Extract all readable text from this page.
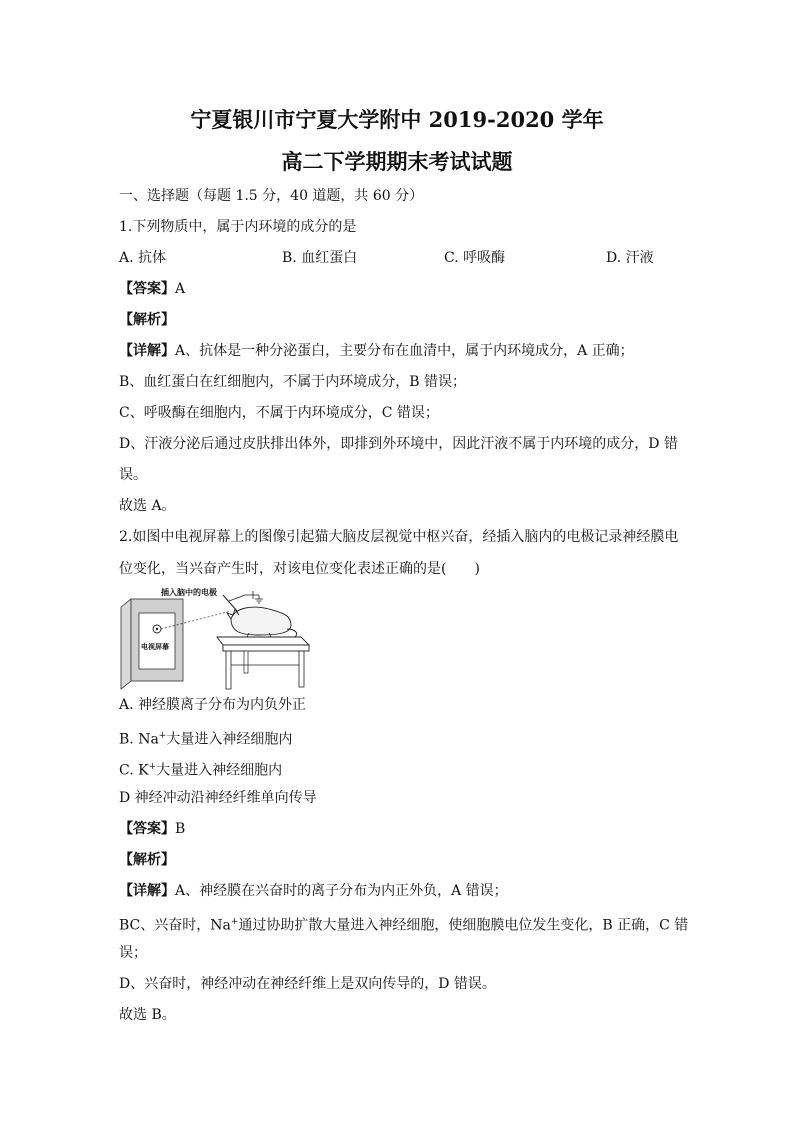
宁夏银川市宁夏大学附中 2019-2020 学年
高二下学期期末考试试题
一、选择题（每题 1.5 分，40 道题，共 60 分）
1.下列物质中，属于内环境的成分的是
A. 抗体	B. 血红蛋白	C. 呼吸酶	D. 汗液
【答案】A
【解析】
【详解】A、抗体是一种分泌蛋白，主要分布在血清中，属于内环境成分，A 正确；
B、血红蛋白在红细胞内，不属于内环境成分，B 错误；
C、呼吸酶在细胞内，不属于内环境成分，C 错误；
D、汗液分泌后通过皮肤排出体外，即排到外环境中，因此汗液不属于内环境的成分，D 错
误。
故选 A。
2.如图中电视屏幕上的图像引起猫大脑皮层视觉中枢兴奋，经插入脑内的电极记录神经膜电
位变化，当兴奋产生时，对该电位变化表述正确的是(　　)
电视屏幕
插入脑中的电极
A. 神经膜离子分布为内负外正
B. Na+大量进入神经细胞内
C. K+大量进入神经细胞内
D 神经冲动沿神经纤维单向传导
【答案】B
【解析】
【详解】A、神经膜在兴奋时的离子分布为内正外负，A 错误；
BC、兴奋时，Na+通过协助扩散大量进入神经细胞，使细胞膜电位发生变化，B 正确，C 错
误；
D、兴奋时，神经冲动在神经纤维上是双向传导的，D 错误。
故选 B。
